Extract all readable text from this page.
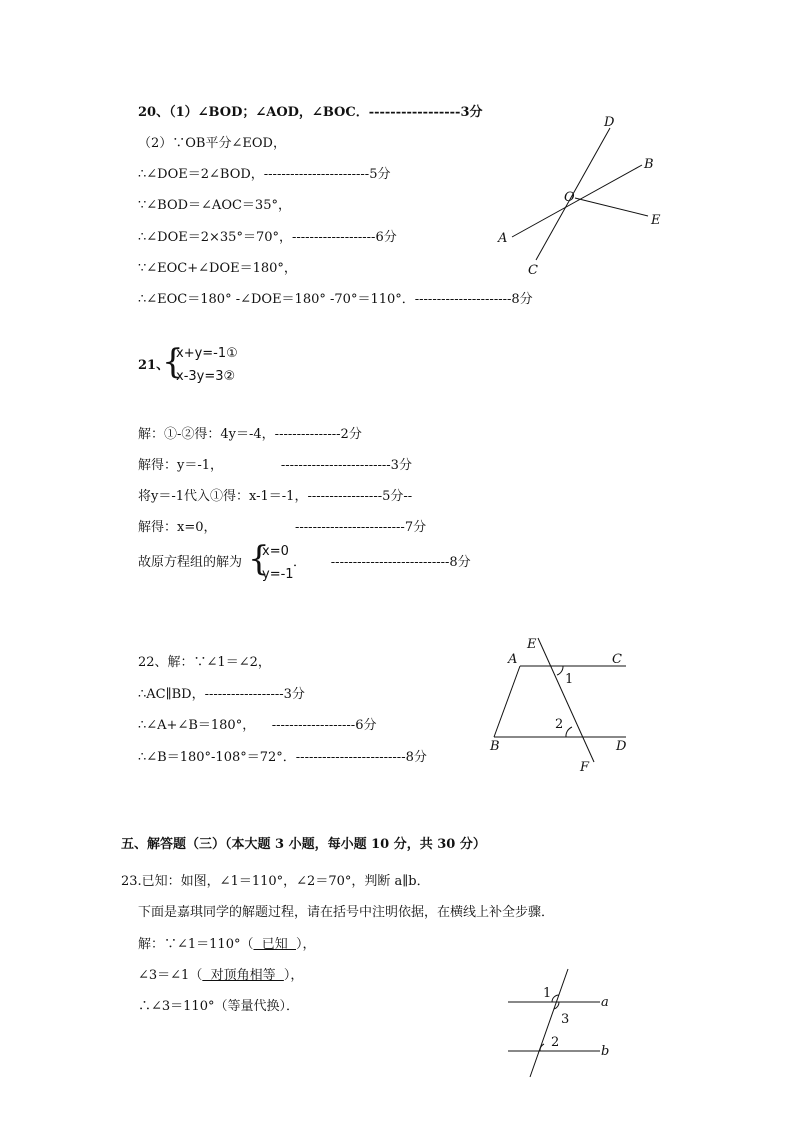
20、（1）∠BOD；∠AOD，∠BOC．-----------------3分
（2）∵OB平分∠EOD，
∴∠DOE＝2∠BOD，------------------------5分
∵∠BOD＝∠AOC＝35°，
∴∠DOE＝2×35°＝70°，-------------------6分
∵∠EOC+∠DOE＝180°，
∴∠EOC＝180° -∠DOE＝180° -70°＝110°．----------------------8分
D
B
O
E
A
C
21、
{
x+y=-1①
x-3y=3②
解：①-②得：4y＝-4，---------------2分
解得：y＝-1，              -------------------------3分
将y＝-1代入①得：x-1＝-1，-----------------5分--
解得：x=0，                   -------------------------7分
故原方程组的解为 {
x=0
y=-1
．      ---------------------------8分
22、解：∵∠1＝∠2，
∴AC∥BD，------------------3分
∴∠A+∠B＝180°，    -------------------6分
∴∠B＝180°-108°＝72°．-------------------------8分
E
A	C
1
2
B	D
F
五、解答题（三）（本大题 3 小题，每小题 10 分，共 30 分）
23.已知：如图，∠1＝110°，∠2＝70°，判断 a∥b．
下面是嘉琪同学的解题过程，请在括号中注明依据，在横线上补全步骤．
解：∵∠1＝110°（  已知  ），
∠3＝∠1（  对顶角相等  ），
∴∠3＝110°（等量代换）．
1
a
3
2
b
